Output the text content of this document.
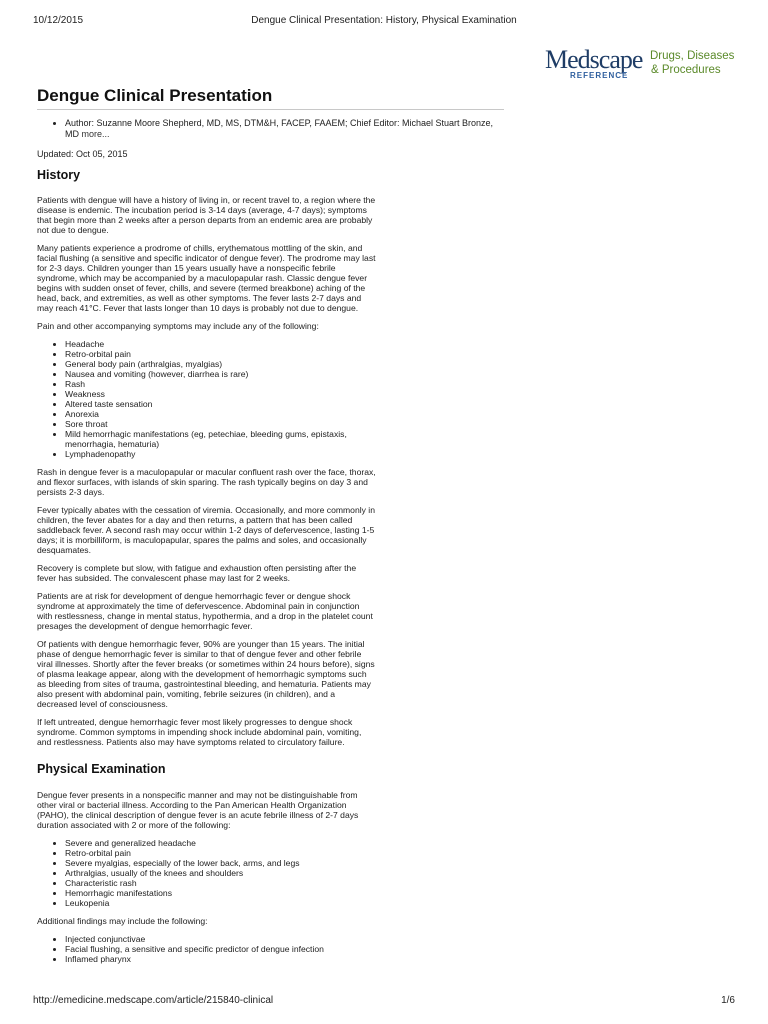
10/12/2015	Dengue Clinical Presentation: History, Physical Examination
Medscape
REFERENCE
Drugs, Diseases
& Procedures
Dengue Clinical Presentation
• Author: Suzanne Moore Shepherd, MD, MS, DTM&H, FACEP, FAAEM; Chief Editor: Michael Stuart Bronze, MD more...
Updated: Oct 05, 2015
History

Patients with dengue will have a history of living in, or recent travel to, a region where the disease is endemic. The incubation period is 3-14 days (average, 4-7 days); symptoms that begin more than 2 weeks after a person departs from an endemic area are probably not due to dengue.

Many patients experience a prodrome of chills, erythematous mottling of the skin, and facial flushing (a sensitive and specific indicator of dengue fever). The prodrome may last for 2-3 days. Children younger than 15 years usually have a nonspecific febrile syndrome, which may be accompanied by a maculopapular rash. Classic dengue fever begins with sudden onset of fever, chills, and severe (termed breakbone) aching of the head, back, and extremities, as well as other symptoms. The fever lasts 2-7 days and may reach 41°C. Fever that lasts longer than 10 days is probably not due to dengue.

Pain and other accompanying symptoms may include any of the following:

• Headache
• Retro-orbital pain
• General body pain (arthralgias, myalgias)
• Nausea and vomiting (however, diarrhea is rare)
• Rash
• Weakness
• Altered taste sensation
• Anorexia
• Sore throat
• Mild hemorrhagic manifestations (eg, petechiae, bleeding gums, epistaxis, menorrhagia, hematuria)
• Lymphadenopathy

Rash in dengue fever is a maculopapular or macular confluent rash over the face, thorax, and flexor surfaces, with islands of skin sparing. The rash typically begins on day 3 and persists 2-3 days.

Fever typically abates with the cessation of viremia. Occasionally, and more commonly in children, the fever abates for a day and then returns, a pattern that has been called saddleback fever. A second rash may occur within 1-2 days of defervescence, lasting 1-5 days; it is morbilliform, is maculopapular, spares the palms and soles, and occasionally desquamates.

Recovery is complete but slow, with fatigue and exhaustion often persisting after the fever has subsided. The convalescent phase may last for 2 weeks.

Patients are at risk for development of dengue hemorrhagic fever or dengue shock syndrome at approximately the time of defervescence. Abdominal pain in conjunction with restlessness, change in mental status, hypothermia, and a drop in the platelet count presages the development of dengue hemorrhagic fever.

Of patients with dengue hemorrhagic fever, 90% are younger than 15 years. The initial phase of dengue hemorrhagic fever is similar to that of dengue fever and other febrile viral illnesses. Shortly after the fever breaks (or sometimes within 24 hours before), signs of plasma leakage appear, along with the development of hemorrhagic symptoms such as bleeding from sites of trauma, gastrointestinal bleeding, and hematuria. Patients may also present with abdominal pain, vomiting, febrile seizures (in children), and a decreased level of consciousness.

If left untreated, dengue hemorrhagic fever most likely progresses to dengue shock syndrome. Common symptoms in impending shock include abdominal pain, vomiting, and restlessness. Patients also may have symptoms related to circulatory failure.

Physical Examination

Dengue fever presents in a nonspecific manner and may not be distinguishable from other viral or bacterial illness. According to the Pan American Health Organization (PAHO), the clinical description of dengue fever is an acute febrile illness of 2-7 days duration associated with 2 or more of the following:

• Severe and generalized headache
• Retro-orbital pain
• Severe myalgias, especially of the lower back, arms, and legs
• Arthralgias, usually of the knees and shoulders
• Characteristic rash
• Hemorrhagic manifestations
• Leukopenia

Additional findings may include the following:

• Injected conjunctivae
• Facial flushing, a sensitive and specific predictor of dengue infection
• Inflamed pharynx
http://emedicine.medscape.com/article/215840-clinical	1/6
